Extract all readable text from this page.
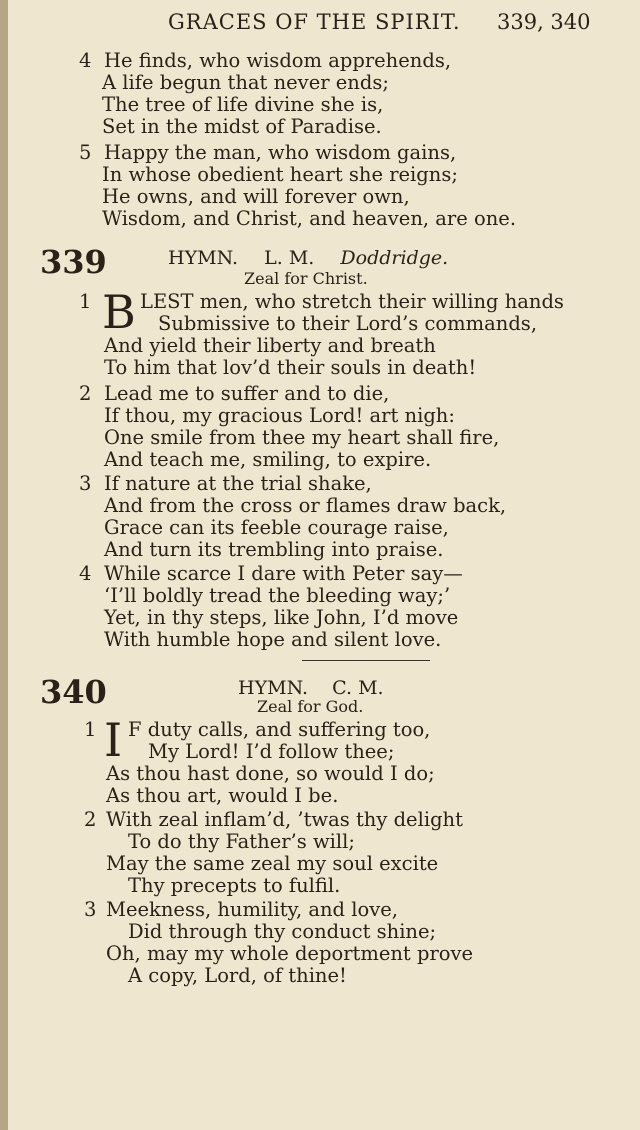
GRACES OF THE SPIRIT. 339, 340
4 He finds, who wisdom apprehends,
A life begun that never ends;
The tree of life divine she is,
Set in the midst of Paradise.
5 Happy the man, who wisdom gains,
In whose obedient heart she reigns;
He owns, and will forever own,
Wisdom, and Christ, and heaven, are one.
339	HYMN. L. M. Doddridge.
Zeal for Christ.
1 B LEST men, who stretch their willing hands
Submissive to their Lord’s commands,
And yield their liberty and breath
To him that lov’d their souls in death!
2 Lead me to suffer and to die,
If thou, my gracious Lord! art nigh:
One smile from thee my heart shall fire,
And teach me, smiling, to expire.
3 If nature at the trial shake,
And from the cross or flames draw back,
Grace can its feeble courage raise,
And turn its trembling into praise.
4 While scarce I dare with Peter say—
‘I’ll boldly tread the bleeding way;’
Yet, in thy steps, like John, I’d move
With humble hope and silent love.
340	HYMN. C. M.
Zeal for God.
1 I F duty calls, and suffering too,
My Lord! I’d follow thee;
As thou hast done, so would I do;
As thou art, would I be.
2 With zeal inflam’d, ’twas thy delight
To do thy Father’s will;
May the same zeal my soul excite
Thy precepts to fulfil.
3 Meekness, humility, and love,
Did through thy conduct shine;
Oh, may my whole deportment prove
A copy, Lord, of thine!
